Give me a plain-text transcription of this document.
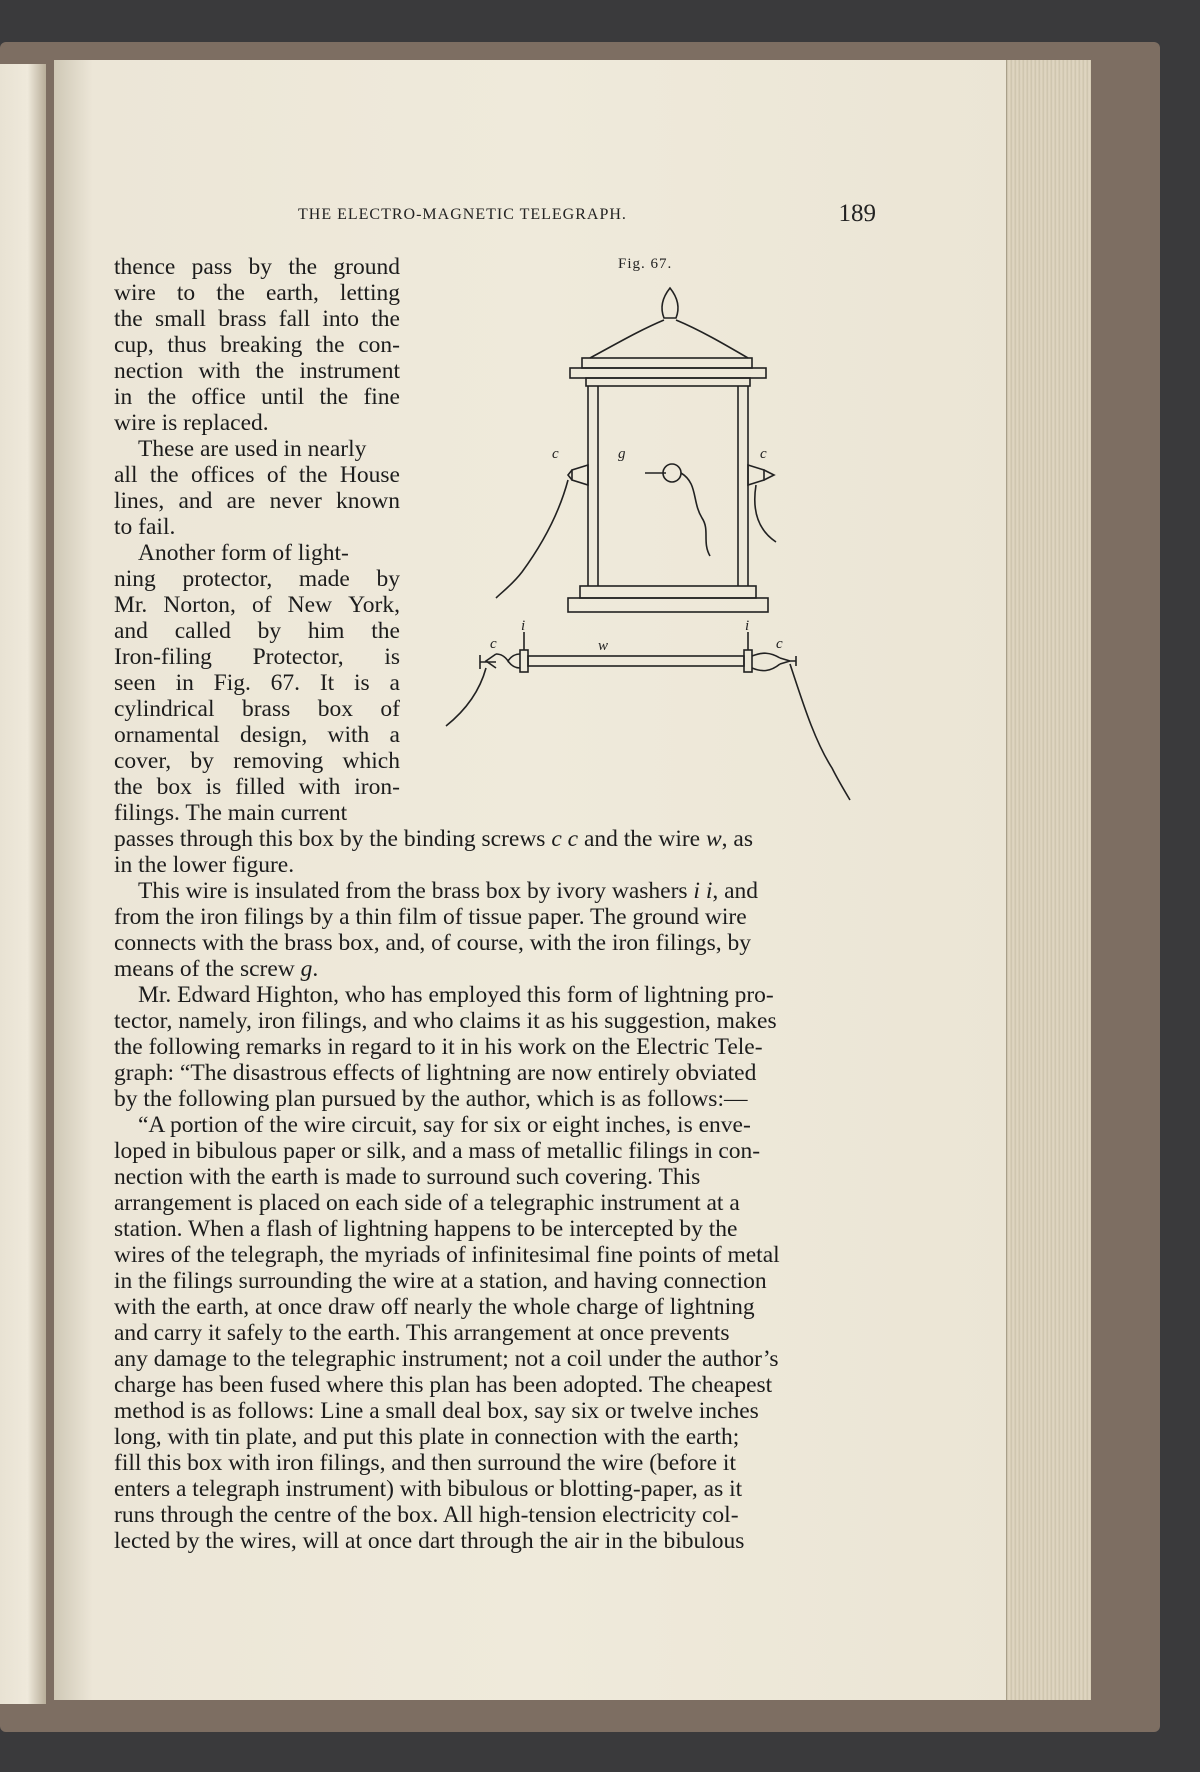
THE ELECTRO-MAGNETIC TELEGRAPH.	189
Fig. 67.
g
c	c
c	c
i	i
w
thence pass by the ground
wire to the earth, letting
the small brass fall into the
cup, thus breaking the con-
nection with the instrument
in the office until the fine
wire is replaced.
These are used in nearly
all the offices of the House
lines, and are never known
to fail.
Another form of light-
ning protector, made by
Mr. Norton, of New York,
and called by him the
Iron-filing Protector, is
seen in Fig. 67. It is a
cylindrical brass box of
ornamental design, with a
cover, by removing which
the box is filled with iron-
filings. The main current
passes through this box by the binding screws c c and the wire w, as
in the lower figure.
This wire is insulated from the brass box by ivory washers i i, and
from the iron filings by a thin film of tissue paper. The ground wire
connects with the brass box, and, of course, with the iron filings, by
means of the screw g.
Mr. Edward Highton, who has employed this form of lightning pro-
tector, namely, iron filings, and who claims it as his suggestion, makes
the following remarks in regard to it in his work on the Electric Tele-
graph: “The disastrous effects of lightning are now entirely obviated
by the following plan pursued by the author, which is as follows:—
“A portion of the wire circuit, say for six or eight inches, is enve-
loped in bibulous paper or silk, and a mass of metallic filings in con-
nection with the earth is made to surround such covering. This
arrangement is placed on each side of a telegraphic instrument at a
station. When a flash of lightning happens to be intercepted by the
wires of the telegraph, the myriads of infinitesimal fine points of metal
in the filings surrounding the wire at a station, and having connection
with the earth, at once draw off nearly the whole charge of lightning
and carry it safely to the earth. This arrangement at once prevents
any damage to the telegraphic instrument; not a coil under the author’s
charge has been fused where this plan has been adopted. The cheapest
method is as follows: Line a small deal box, say six or twelve inches
long, with tin plate, and put this plate in connection with the earth;
fill this box with iron filings, and then surround the wire (before it
enters a telegraph instrument) with bibulous or blotting-paper, as it
runs through the centre of the box. All high-tension electricity col-
lected by the wires, will at once dart through the air in the bibulous
